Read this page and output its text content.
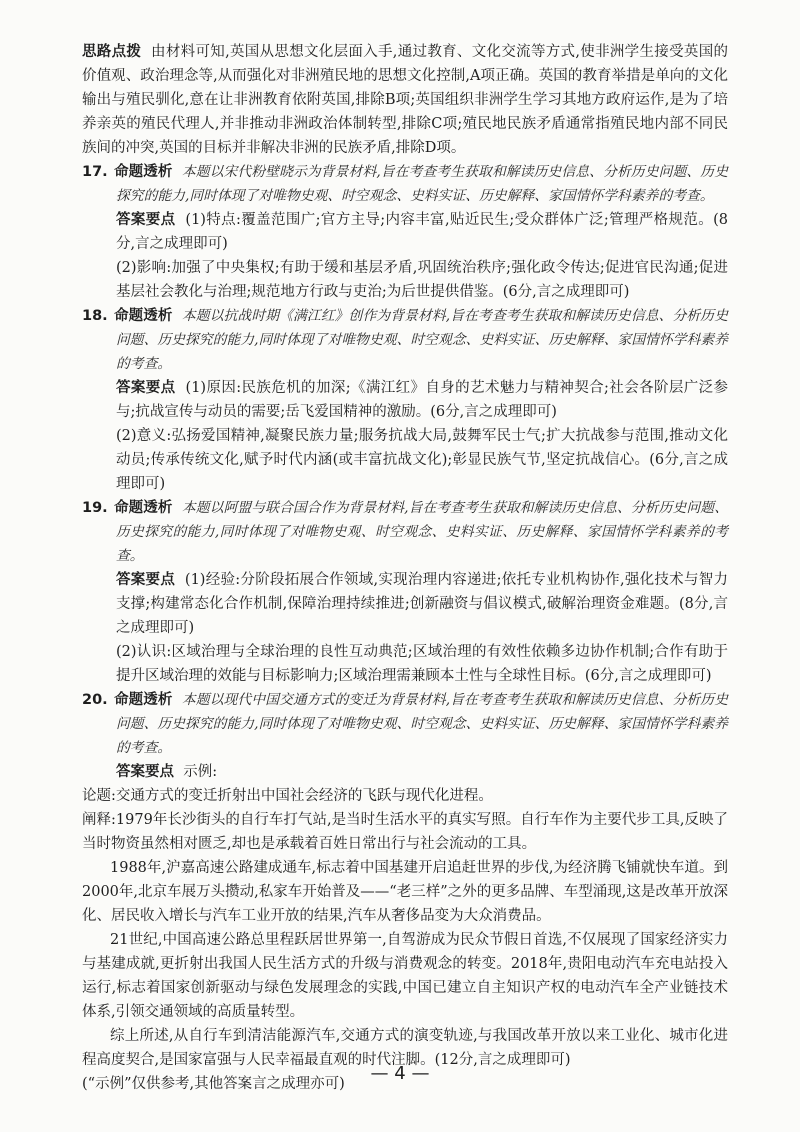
思路点拨 由材料可知,英国从思想文化层面入手,通过教育、文化交流等方式,使非洲学生接受英国的价值观、政治理念等,从而强化对非洲殖民地的思想文化控制,A项正确。英国的教育举措是单向的文化输出与殖民驯化,意在让非洲教育依附英国,排除B项;英国组织非洲学生学习其地方政府运作,是为了培养亲英的殖民代理人,并非推动非洲政治体制转型,排除C项;殖民地民族矛盾通常指殖民地内部不同民族间的冲突,英国的目标并非解决非洲的民族矛盾,排除D项。

17. 命题透析 本题以宋代粉壁晓示为背景材料,旨在考查考生获取和解读历史信息、分析历史问题、历史探究的能力,同时体现了对唯物史观、时空观念、史料实证、历史解释、家国情怀学科素养的考查。

答案要点 (1)特点:覆盖范围广;官方主导;内容丰富,贴近民生;受众群体广泛;管理严格规范。(8分,言之成理即可)

(2)影响:加强了中央集权;有助于缓和基层矛盾,巩固统治秩序;强化政令传达;促进官民沟通;促进基层社会教化与治理;规范地方行政与吏治;为后世提供借鉴。(6分,言之成理即可)

18. 命题透析 本题以抗战时期《满江红》创作为背景材料,旨在考查考生获取和解读历史信息、分析历史问题、历史探究的能力,同时体现了对唯物史观、时空观念、史料实证、历史解释、家国情怀学科素养的考查。

答案要点 (1)原因:民族危机的加深;《满江红》自身的艺术魅力与精神契合;社会各阶层广泛参与;抗战宣传与动员的需要;岳飞爱国精神的激励。(6分,言之成理即可)

(2)意义:弘扬爱国精神,凝聚民族力量;服务抗战大局,鼓舞军民士气;扩大抗战参与范围,推动文化动员;传承传统文化,赋予时代内涵(或丰富抗战文化);彰显民族气节,坚定抗战信心。(6分,言之成理即可)

19. 命题透析 本题以阿盟与联合国合作为背景材料,旨在考查考生获取和解读历史信息、分析历史问题、历史探究的能力,同时体现了对唯物史观、时空观念、史料实证、历史解释、家国情怀学科素养的考查。

答案要点 (1)经验:分阶段拓展合作领域,实现治理内容递进;依托专业机构协作,强化技术与智力支撑;构建常态化合作机制,保障治理持续推进;创新融资与倡议模式,破解治理资金难题。(8分,言之成理即可)

(2)认识:区域治理与全球治理的良性互动典范;区域治理的有效性依赖多边协作机制;合作有助于提升区域治理的效能与目标影响力;区域治理需兼顾本土性与全球性目标。(6分,言之成理即可)

20. 命题透析 本题以现代中国交通方式的变迁为背景材料,旨在考查考生获取和解读历史信息、分析历史问题、历史探究的能力,同时体现了对唯物史观、时空观念、史料实证、历史解释、家国情怀学科素养的考查。

答案要点 示例:

论题:交通方式的变迁折射出中国社会经济的飞跃与现代化进程。

阐释:1979年长沙街头的自行车打气站,是当时生活水平的真实写照。自行车作为主要代步工具,反映了当时物资虽然相对匮乏,却也是承载着百姓日常出行与社会流动的工具。

1988年,沪嘉高速公路建成通车,标志着中国基建开启追赶世界的步伐,为经济腾飞铺就快车道。到2000年,北京车展万头攒动,私家车开始普及——“老三样”之外的更多品牌、车型涌现,这是改革开放深化、居民收入增长与汽车工业开放的结果,汽车从奢侈品变为大众消费品。

21世纪,中国高速公路总里程跃居世界第一,自驾游成为民众节假日首选,不仅展现了国家经济实力与基建成就,更折射出我国人民生活方式的升级与消费观念的转变。2018年,贵阳电动汽车充电站投入运行,标志着国家创新驱动与绿色发展理念的实践,中国已建立自主知识产权的电动汽车全产业链技术体系,引领交通领域的高质量转型。

综上所述,从自行车到清洁能源汽车,交通方式的演变轨迹,与我国改革开放以来工业化、城市化进程高度契合,是国家富强与人民幸福最直观的时代注脚。(12分,言之成理即可)

(“示例”仅供参考,其他答案言之成理亦可)	— 4 —
